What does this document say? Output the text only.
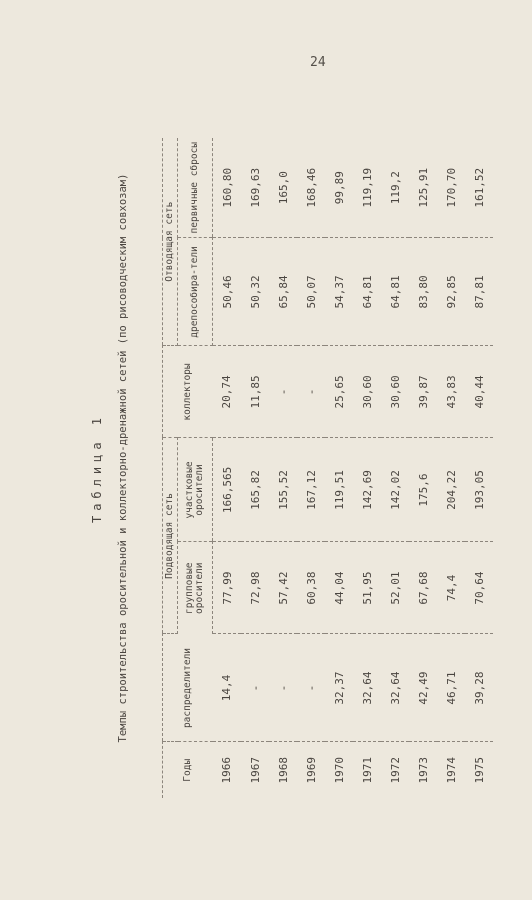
24
Таблица 1 Темпы строительства оросительной и коллекторно-дренажной сетей (по рисоводческим совхозам)
Годы	распределители	Подводящая сеть		коллекторы	Отводящая сеть	
		групповые оросители	участковые оросители		дрепособира-тели	первичные сбросы
1966	14,4	77,99	166,565	20,74	50,46	160,80
1967	-	72,98	165,82	11,85	50,32	169,63
1968	-	57,42	155,52	-	65,84	165,0
1969	-	60,38	167,12	-	50,07	168,46
1970	32,37	44,04	119,51	25,65	54,37	99,89
1971	32,64	51,95	142,69	30,60	64,81	119,19
1972	32,64	52,01	142,02	30,60	64,81	119,2
1973	42,49	67,68	175,6	39,87	83,80	125,91
1974	46,71	74,4	204,22	43,83	92,85	170,70
1975	39,28	70,64	193,05	40,44	87,81	161,52
